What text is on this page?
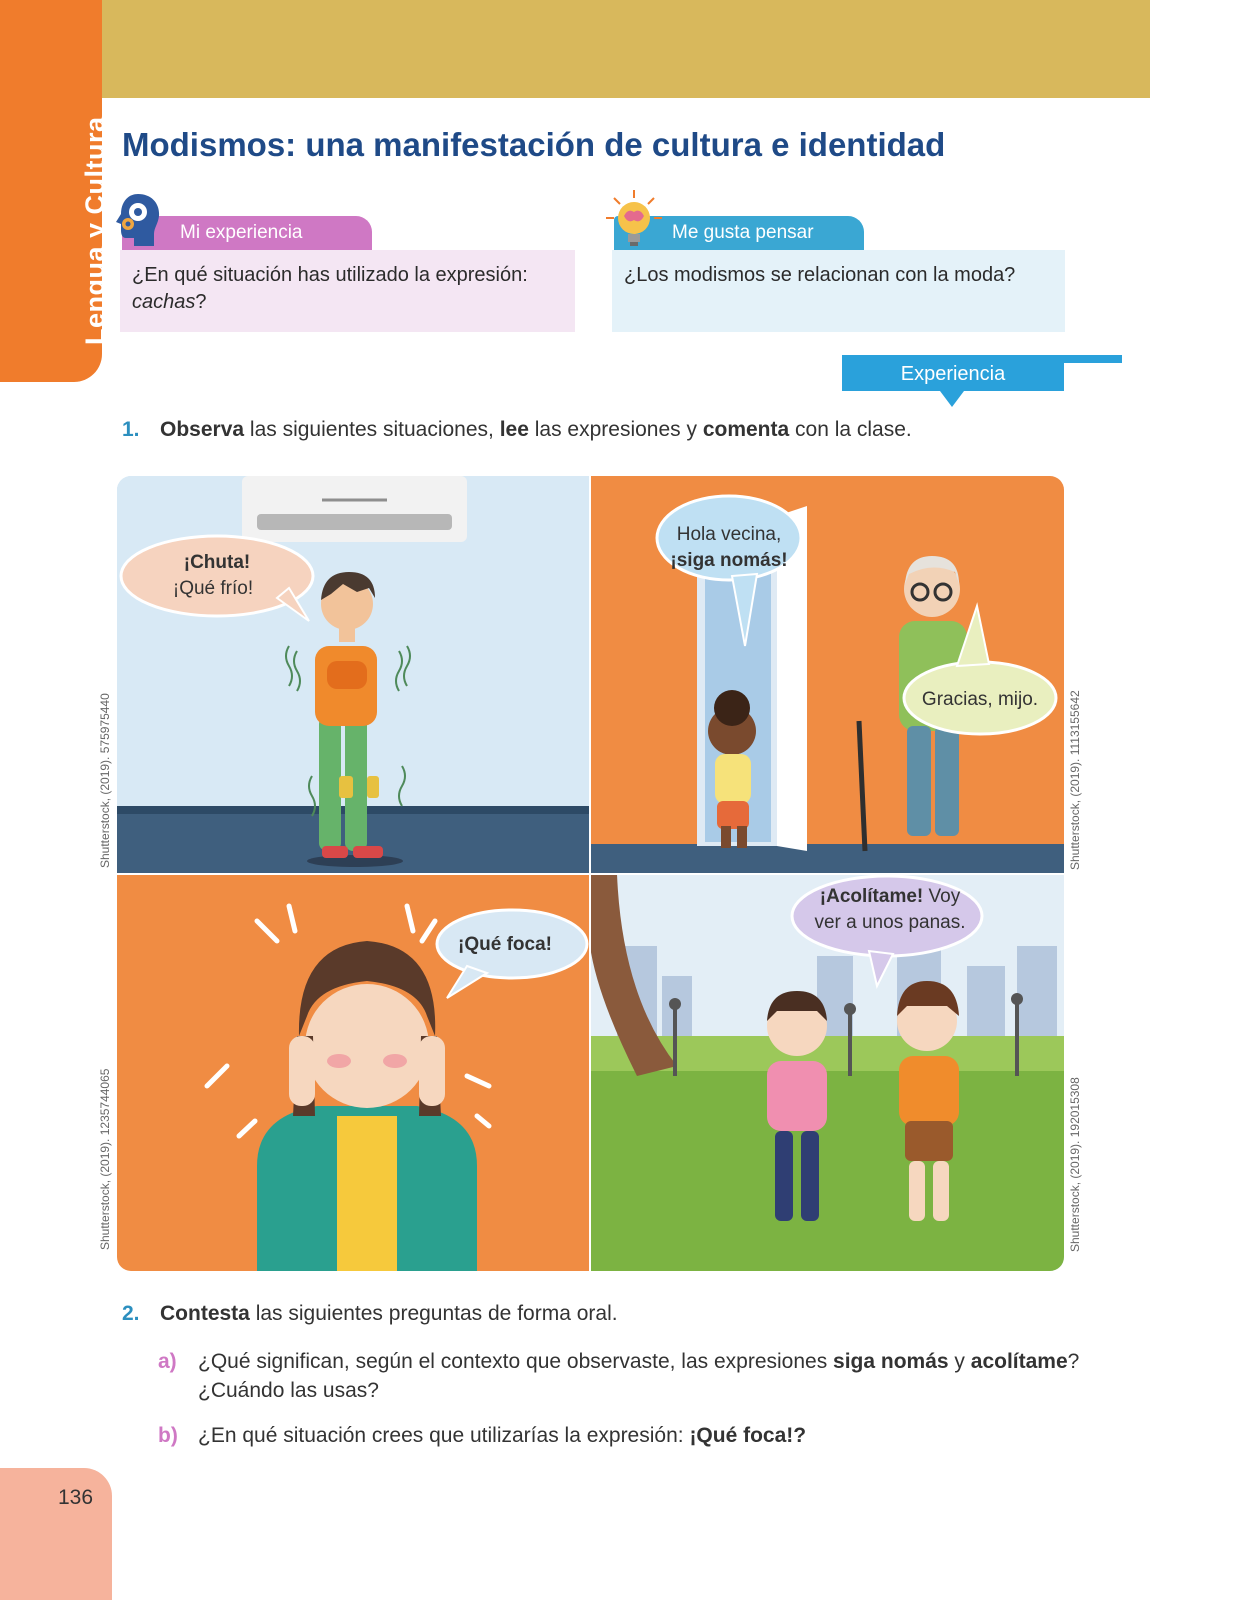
Lengua y Cultura Modismos: una manifestación de cultura e identidad
Mi experiencia
¿En qué situación has utilizado la expresión: cachas?
Me gusta pensar
¿Los modismos se relacionan con la moda?
Experiencia
1. Observa las siguientes situaciones, lee las expresiones y comenta con la clase.
¡Chuta!
¡Qué frío!
Hola vecina,
¡siga nomás!
Gracias, mijo.
¡Qué foca!
¡Acolítame! Voy
ver a unos panas.
Shutterstock, (2019). 575975440	Shutterstock, (2019). 1113155642
Shutterstock, (2019). 1235744065	Shutterstock, (2019). 192015308
2. Contesta las siguientes preguntas de forma oral.
a) ¿Qué significan, según el contexto que observaste, las expresiones siga nomás y acolítame?
¿Cuándo las usas?
b) ¿En qué situación crees que utilizarías la expresión: ¡Qué foca!?
136
